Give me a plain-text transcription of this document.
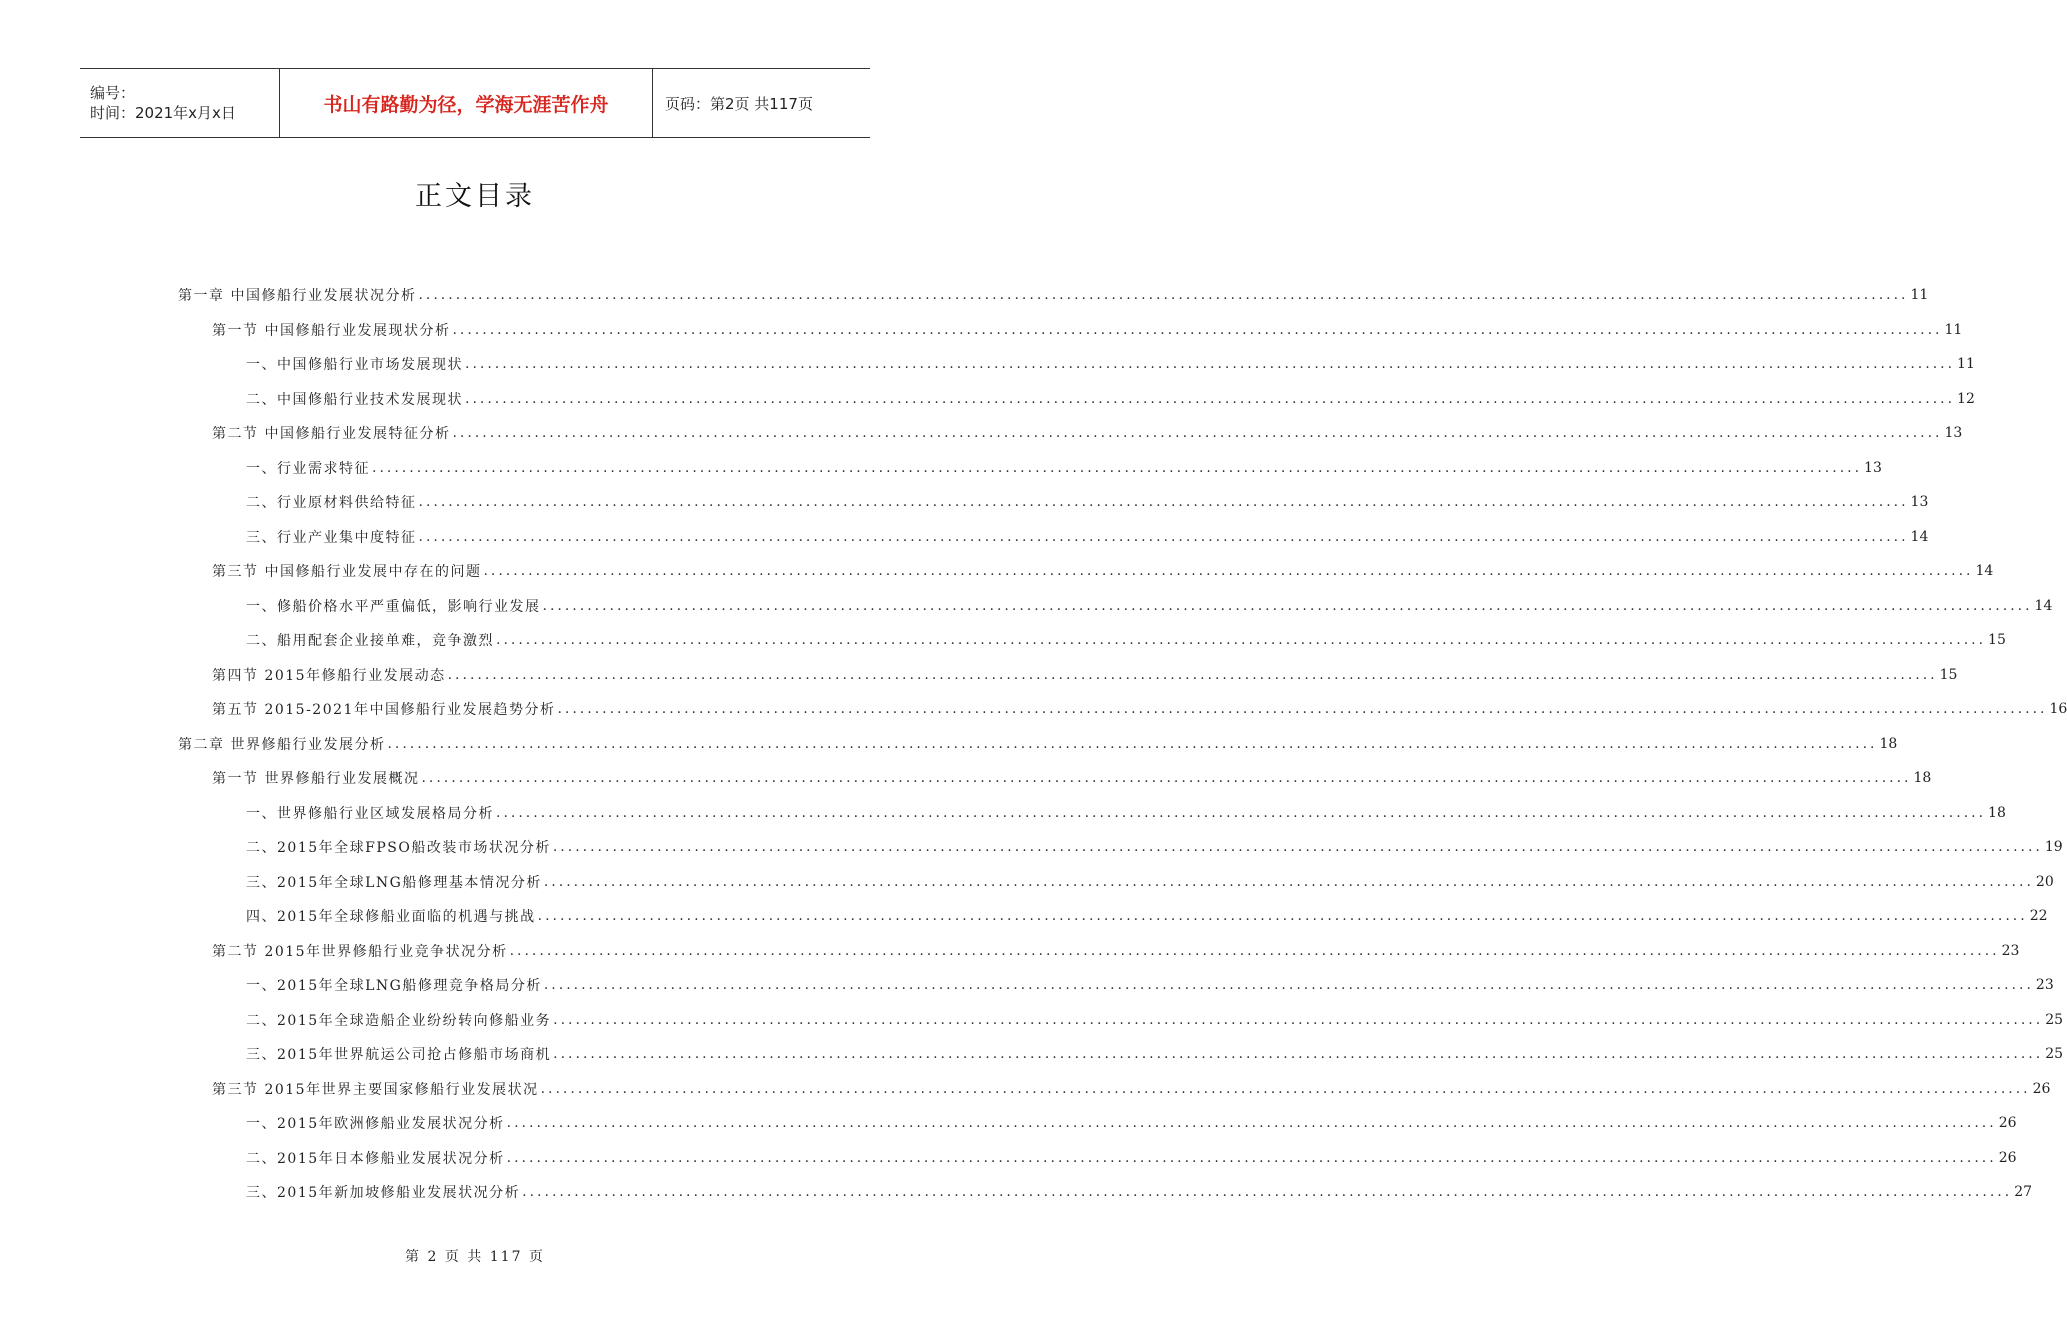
编号：
时间：2021年x月x日	书山有路勤为径，学海无涯苦作舟	页码：第2页 共117页
正文目录
第一章 中国修船行业发展状况分析 ........................................................................................................................................................................................................ 11
第一节 中国修船行业发展现状分析 ........................................................................................................................................................................................................ 11
一、中国修船行业市场发展现状 ........................................................................................................................................................................................................ 11
二、中国修船行业技术发展现状 ........................................................................................................................................................................................................ 12
第二节 中国修船行业发展特征分析 ........................................................................................................................................................................................................ 13
一、行业需求特征 ........................................................................................................................................................................................................ 13
二、行业原材料供给特征 ........................................................................................................................................................................................................ 13
三、行业产业集中度特征 ........................................................................................................................................................................................................ 14
第三节 中国修船行业发展中存在的问题 ........................................................................................................................................................................................................ 14
一、修船价格水平严重偏低，影响行业发展 ........................................................................................................................................................................................................ 14
二、船用配套企业接单难，竞争激烈 ........................................................................................................................................................................................................ 15
第四节 2015年修船行业发展动态 ........................................................................................................................................................................................................ 15
第五节 2015-2021年中国修船行业发展趋势分析 ........................................................................................................................................................................................................ 16
第二章 世界修船行业发展分析 ........................................................................................................................................................................................................ 18
第一节 世界修船行业发展概况 ........................................................................................................................................................................................................ 18
一、世界修船行业区域发展格局分析 ........................................................................................................................................................................................................ 18
二、2015年全球FPSO船改装市场状况分析 ........................................................................................................................................................................................................ 19
三、2015年全球LNG船修理基本情况分析 ........................................................................................................................................................................................................ 20
四、2015年全球修船业面临的机遇与挑战 ........................................................................................................................................................................................................ 22
第二节 2015年世界修船行业竞争状况分析 ........................................................................................................................................................................................................ 23
一、2015年全球LNG船修理竞争格局分析 ........................................................................................................................................................................................................ 23
二、2015年全球造船企业纷纷转向修船业务 ........................................................................................................................................................................................................ 25
三、2015年世界航运公司抢占修船市场商机 ........................................................................................................................................................................................................ 25
第三节 2015年世界主要国家修船行业发展状况 ........................................................................................................................................................................................................ 26
一、2015年欧洲修船业发展状况分析 ........................................................................................................................................................................................................ 26
二、2015年日本修船业发展状况分析 ........................................................................................................................................................................................................ 26
三、2015年新加坡修船业发展状况分析 ........................................................................................................................................................................................................ 27
第 2 页 共 117 页
